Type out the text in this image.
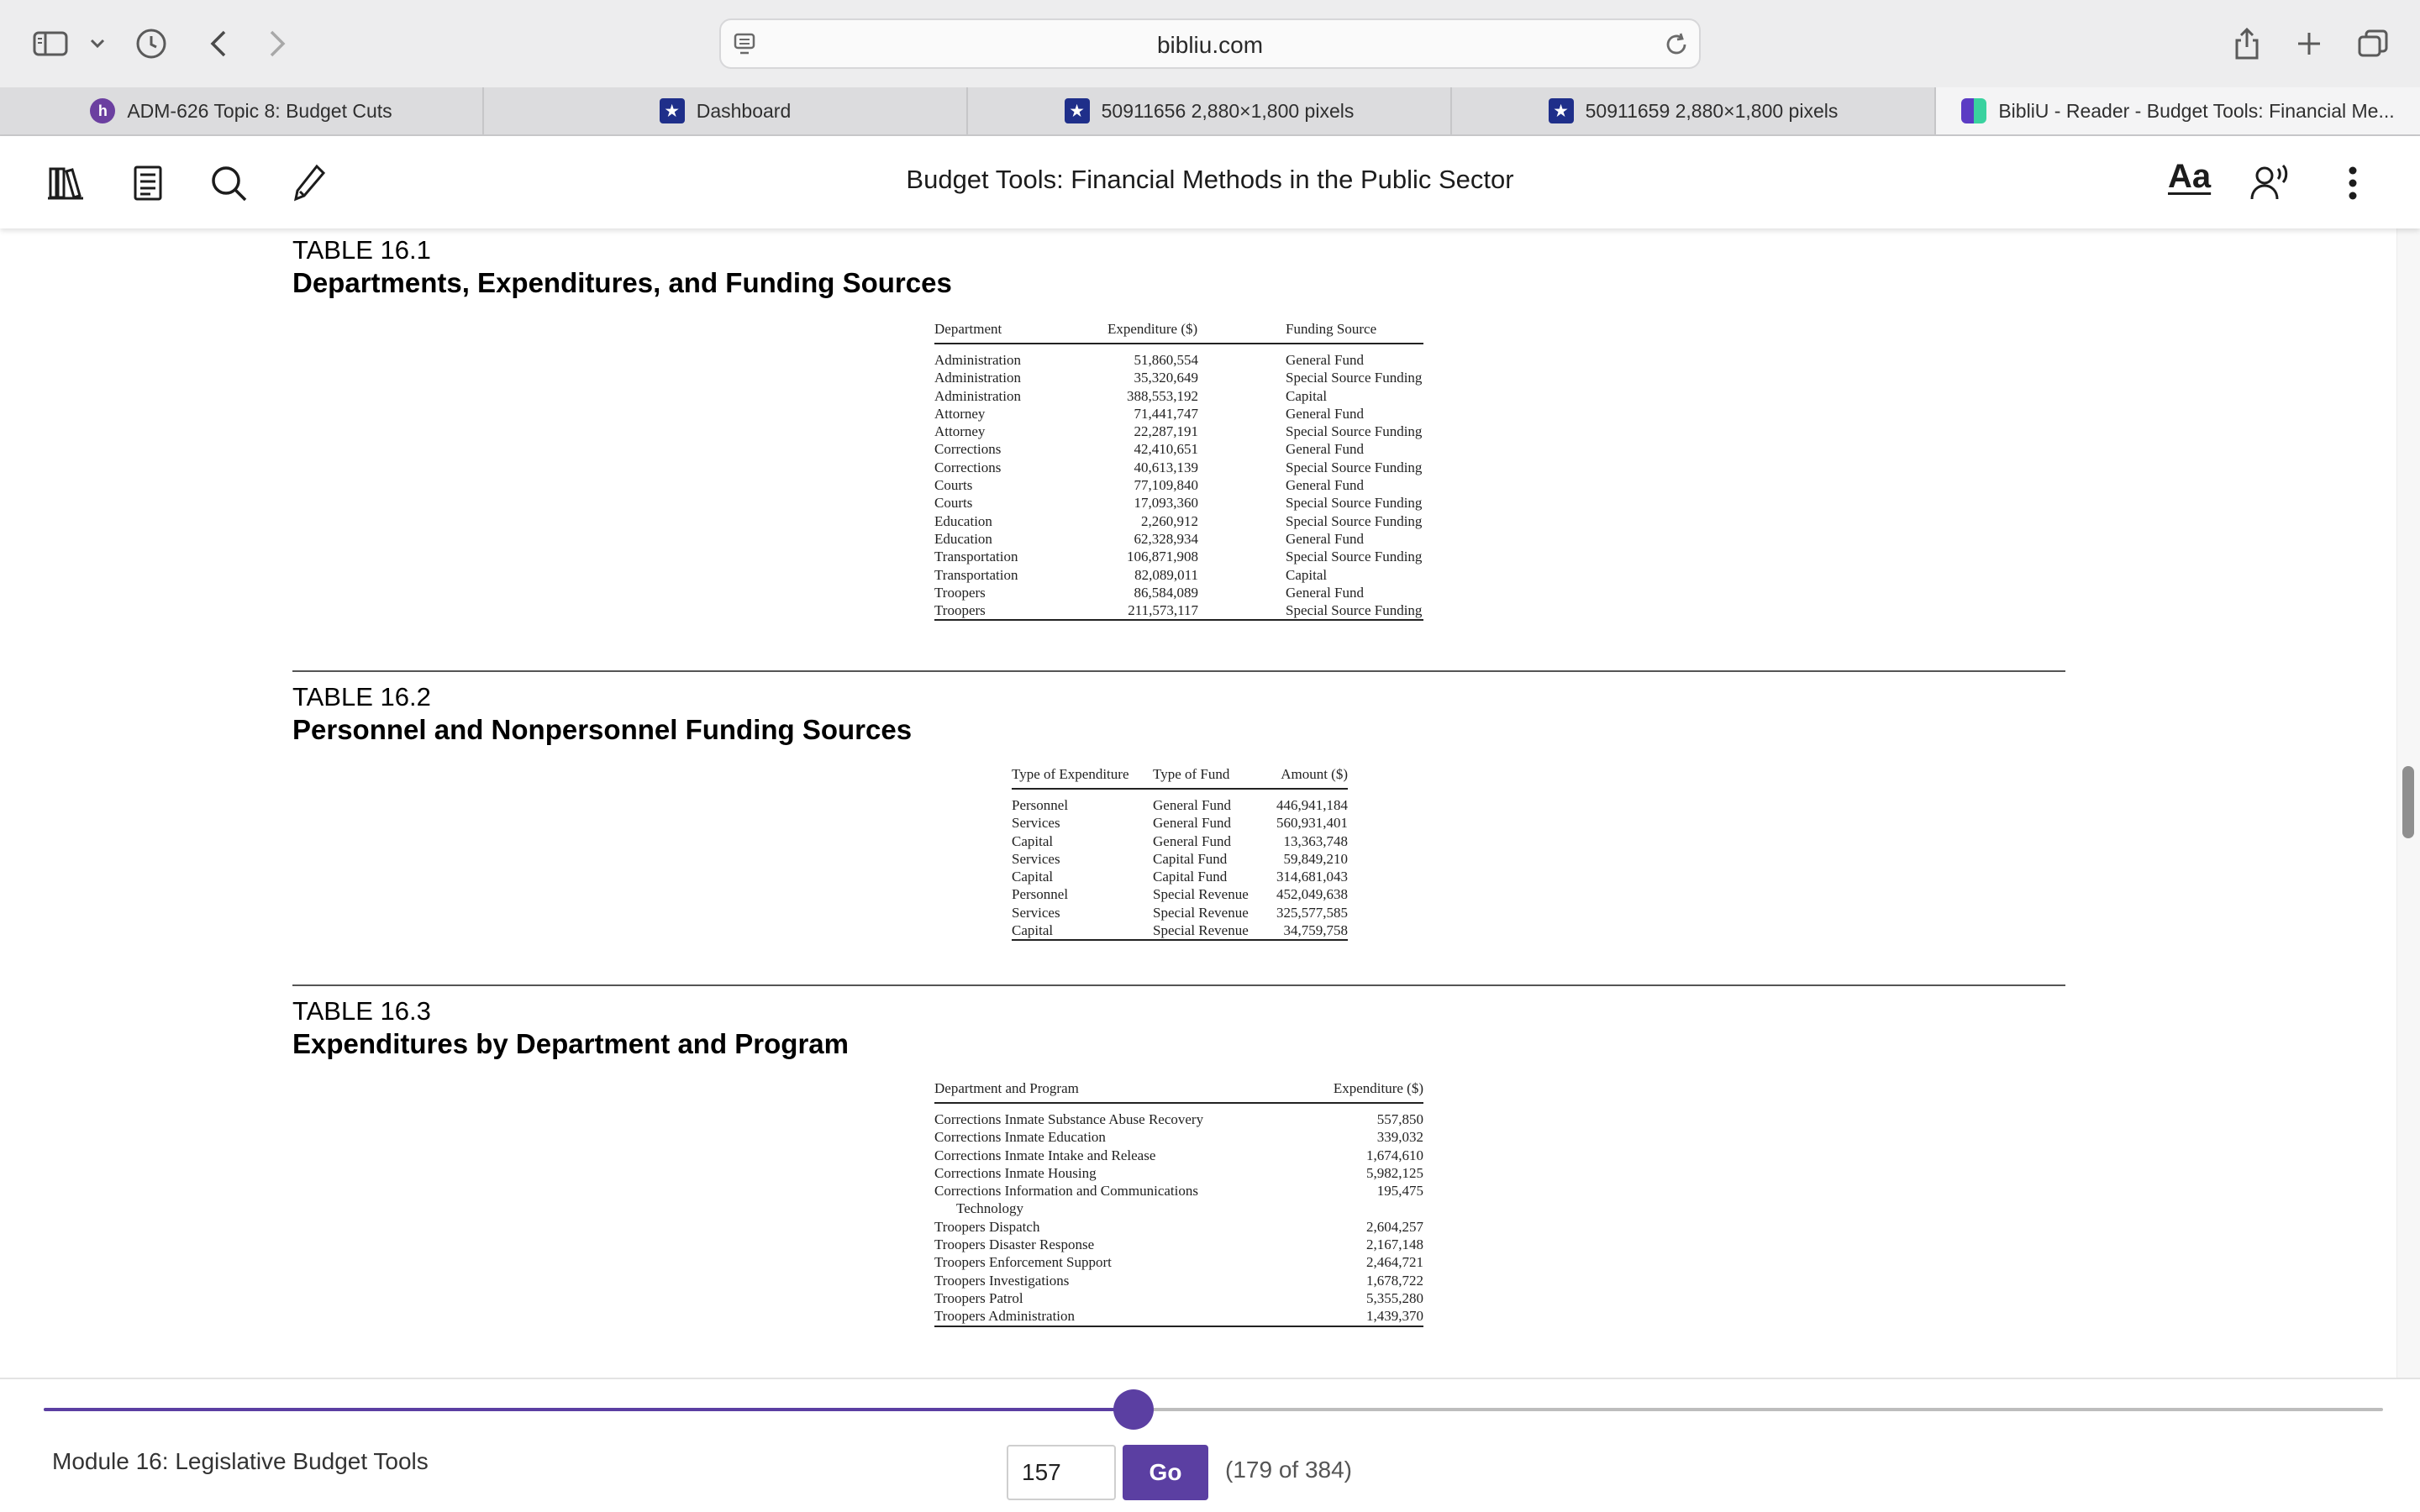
bibliu.com
h	ADM-626 Topic 8: Budget Cuts	★ Dashboard	★ 50911656 2,880×1,800 pixels	★ 50911659 2,880×1,800 pixels	BibliU - Reader - Budget Tools: Financial Me...
Budget Tools: Financial Methods in the Public Sector	Aa
TABLE 16.1
Departments, Expenditures, and Funding Sources
Department	Expenditure ($)	Funding Source
Administration	51,860,554	General Fund
Administration	35,320,649	Special Source Funding
Administration	388,553,192	Capital
Attorney	71,441,747	General Fund
Attorney	22,287,191	Special Source Funding
Corrections	42,410,651	General Fund
Corrections	40,613,139	Special Source Funding
Courts	77,109,840	General Fund
Courts	17,093,360	Special Source Funding
Education	2,260,912	Special Source Funding
Education	62,328,934	General Fund
Transportation	106,871,908	Special Source Funding
Transportation	82,089,011	Capital
Troopers	86,584,089	General Fund
Troopers	211,573,117	Special Source Funding
TABLE 16.2
Personnel and Nonpersonnel Funding Sources
Type of Expenditure	Type of Fund	Amount ($)
Personnel	General Fund	446,941,184
Services	General Fund	560,931,401
Capital	General Fund	13,363,748
Services	Capital Fund	59,849,210
Capital	Capital Fund	314,681,043
Personnel	Special Revenue	452,049,638
Services	Special Revenue	325,577,585
Capital	Special Revenue	34,759,758
TABLE 16.3
Expenditures by Department and Program
Department and Program	Expenditure ($)
Corrections Inmate Substance Abuse Recovery	557,850
Corrections Inmate Education	339,032
Corrections Inmate Intake and Release	1,674,610
Corrections Inmate Housing	5,982,125
Corrections Information and Communications	195,475
Technology	
Troopers Dispatch	2,604,257
Troopers Disaster Response	2,167,148
Troopers Enforcement Support	2,464,721
Troopers Investigations	1,678,722
Troopers Patrol	5,355,280
Troopers Administration	1,439,370
Module 16: Legislative Budget Tools
157	Go	(179 of 384)
